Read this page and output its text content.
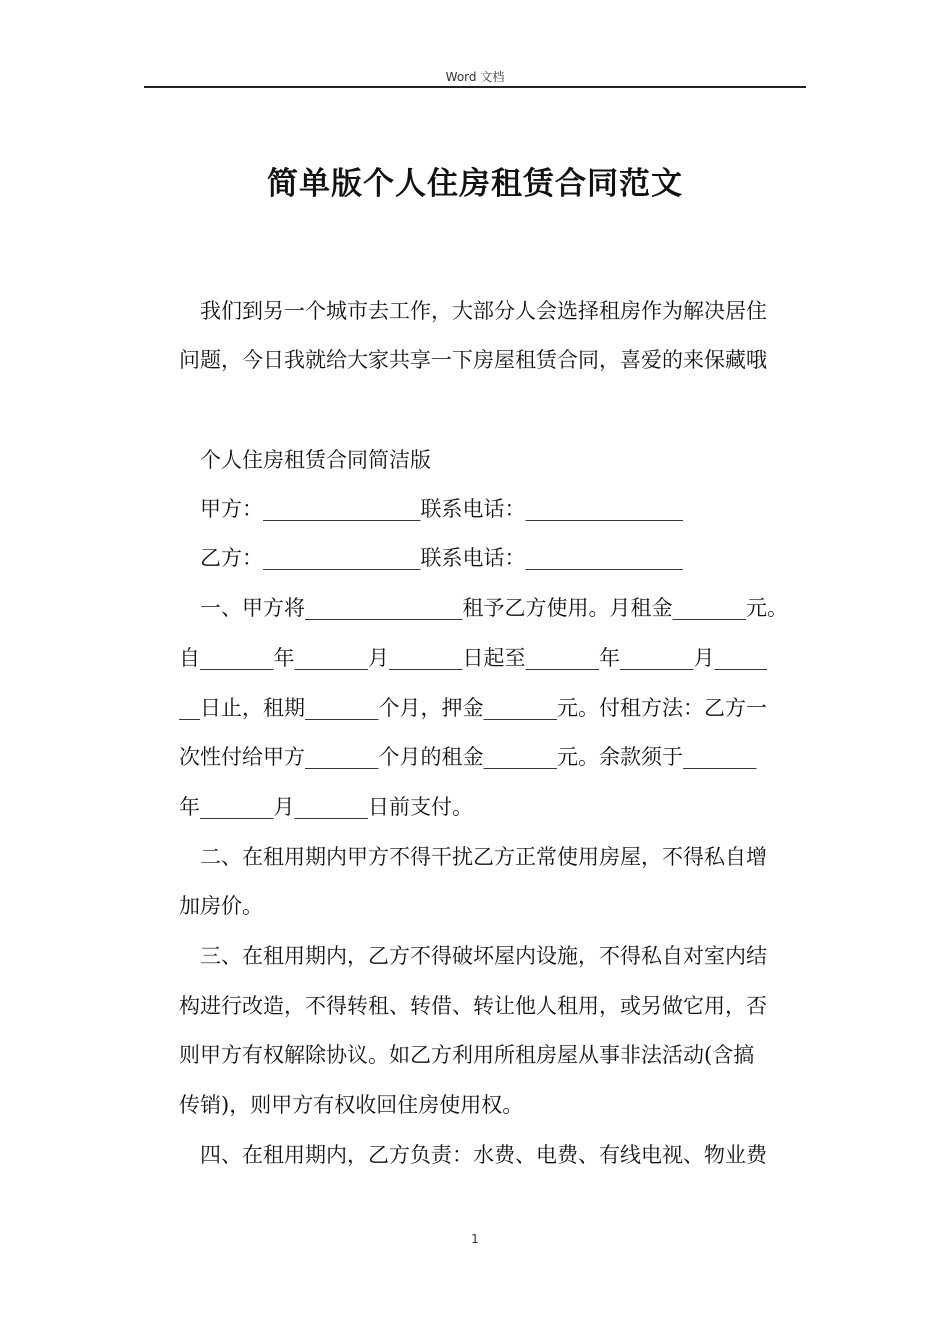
Word 文档
简单版个人住房租赁合同范文
我们到另一个城市去工作，大部分人会选择租房作为解决居住
问题，今日我就给大家共享一下房屋租赁合同，喜爱的来保藏哦
个人住房租赁合同简洁版
甲方：_______________联系电话：_______________
乙方：_______________联系电话：_______________
一、甲方将_______________租予乙方使用。月租金_______元。
自_______年_______月_______日起至_______年_______月_____
__日止，租期_______个月，押金_______元。付租方法：乙方一
次性付给甲方_______个月的租金_______元。余款须于_______
年_______月_______日前支付。
二、在租用期内甲方不得干扰乙方正常使用房屋，不得私自增
加房价。
三、在租用期内，乙方不得破坏屋内设施，不得私自对室内结
构进行改造，不得转租、转借、转让他人租用，或另做它用，否
则甲方有权解除协议。如乙方利用所租房屋从事非法活动(含搞
传销)，则甲方有权收回住房使用权。
四、在租用期内，乙方负责：水费、电费、有线电视、物业费
1
